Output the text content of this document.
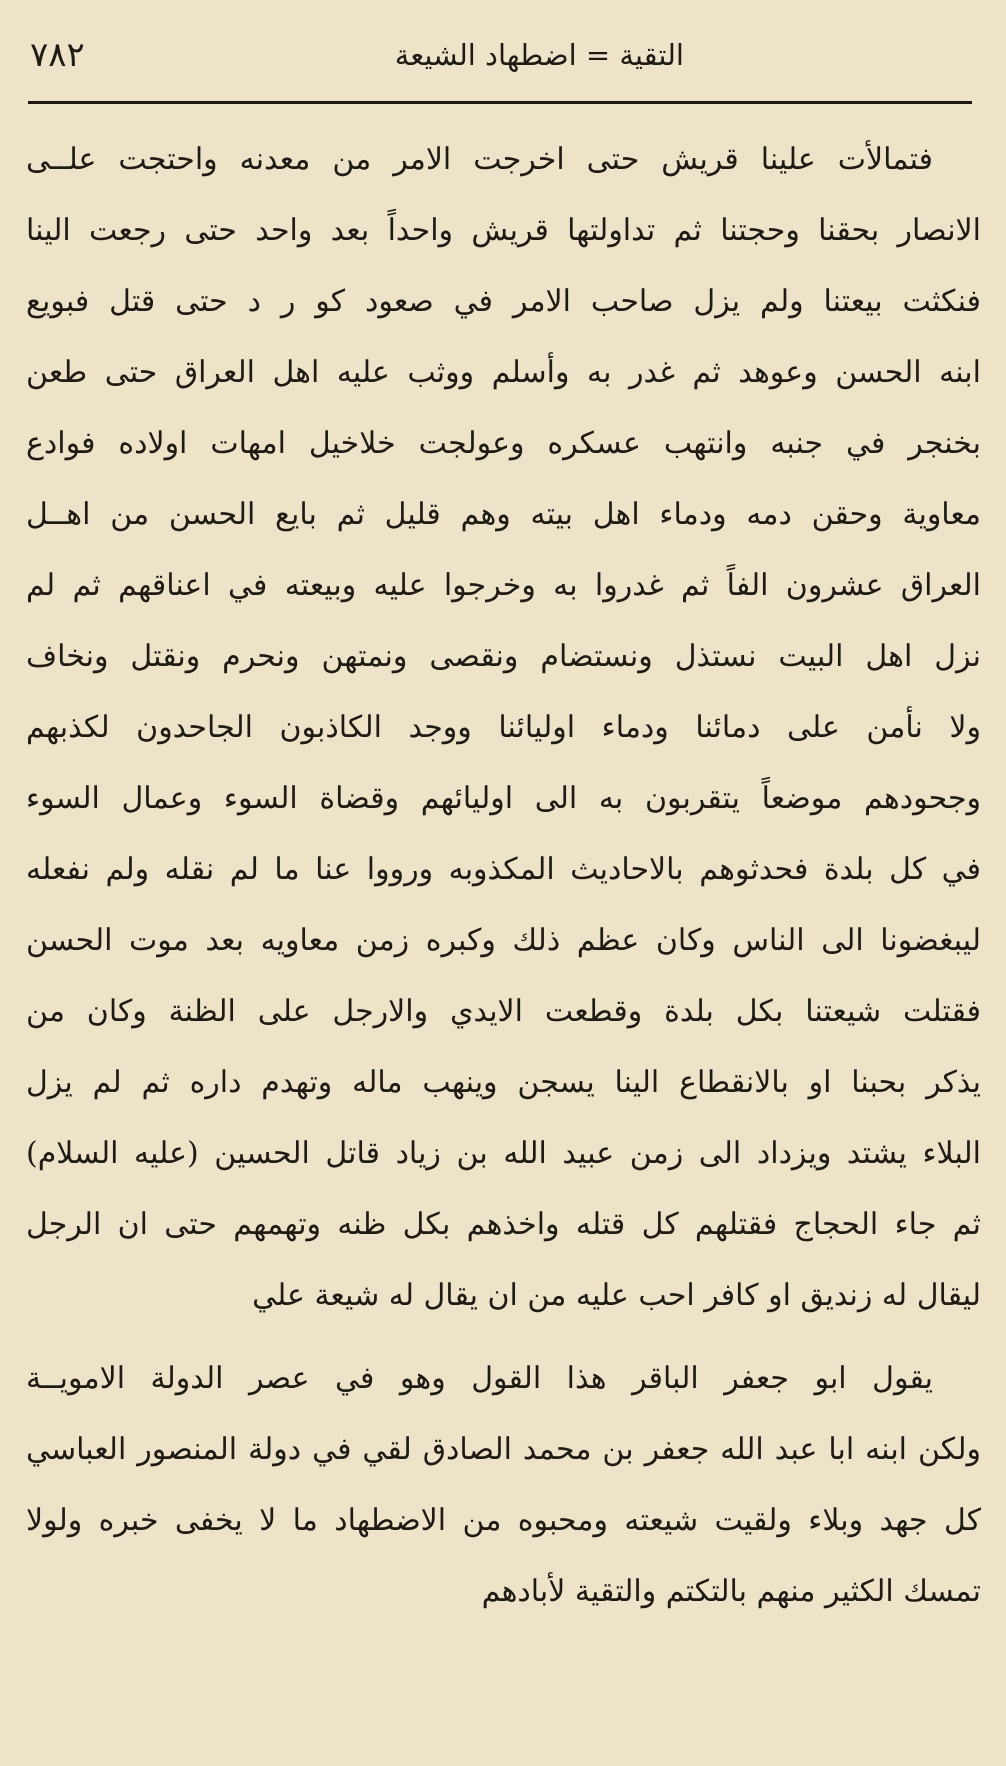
٧٨٢	التقية = اضطهاد الشيعة
فتمالأت علينا قريش حتى اخرجت الامر من معدنه واحتجت علــى
الانصار بحقنا وحجتنا ثم تداولتها قريش واحداً بعد واحد حتى رجعت الينا
فنكثت بيعتنا ولم يزل صاحب الامر في صعود كو ر د حتى قتل فبويع
ابنه الحسن وعوهد ثم غدر به وأسلم ووثب عليه اهل العراق حتى طعن
بخنجر في جنبه وانتهب عسكره وعولجت خلاخيل امهات اولاده فوادع
معاوية وحقن دمه ودماء اهل بيته وهم قليل ثم بايع الحسن من اهــل
العراق عشرون الفاً ثم غدروا به وخرجوا عليه وبيعته في اعناقهم ثم لم
نزل اهل البيت نستذل ونستضام ونقصى ونمتهن ونحرم ونقتل ونخاف
ولا نأمن على دمائنا ودماء اوليائنا ووجد الكاذبون الجاحدون لكذبهم
وجحودهم موضعاً يتقربون به الى اوليائهم وقضاة السوء وعمال السوء
في كل بلدة فحدثوهم بالاحاديث المكذوبه ورووا عنا ما لم نقله ولم نفعله
ليبغضونا الى الناس وكان عظم ذلك وكبره زمن معاويه بعد موت الحسن
فقتلت شيعتنا بكل بلدة وقطعت الايدي والارجل على الظنة وكان من
يذكر بحبنا او بالانقطاع الينا يسجن وينهب ماله وتهدم داره ثم لم يزل
البلاء يشتد ويزداد الى زمن عبيد الله بن زياد قاتل الحسين (عليه السلام)
ثم جاء الحجاج فقتلهم كل قتله واخذهم بكل ظنه وتهمهم حتى ان الرجل
ليقال له زنديق او كافر احب عليه من ان يقال له شيعة علي
يقول ابو جعفر الباقر هذا القول وهو في عصر الدولة الامويــة
ولكن ابنه ابا عبد الله جعفر بن محمد الصادق لقي في دولة المنصور العباسي
كل جهد وبلاء ولقيت شيعته ومحبوه من الاضطهاد ما لا يخفى خبره ولولا
تمسك الكثير منهم بالتكتم والتقية لأبادهم
